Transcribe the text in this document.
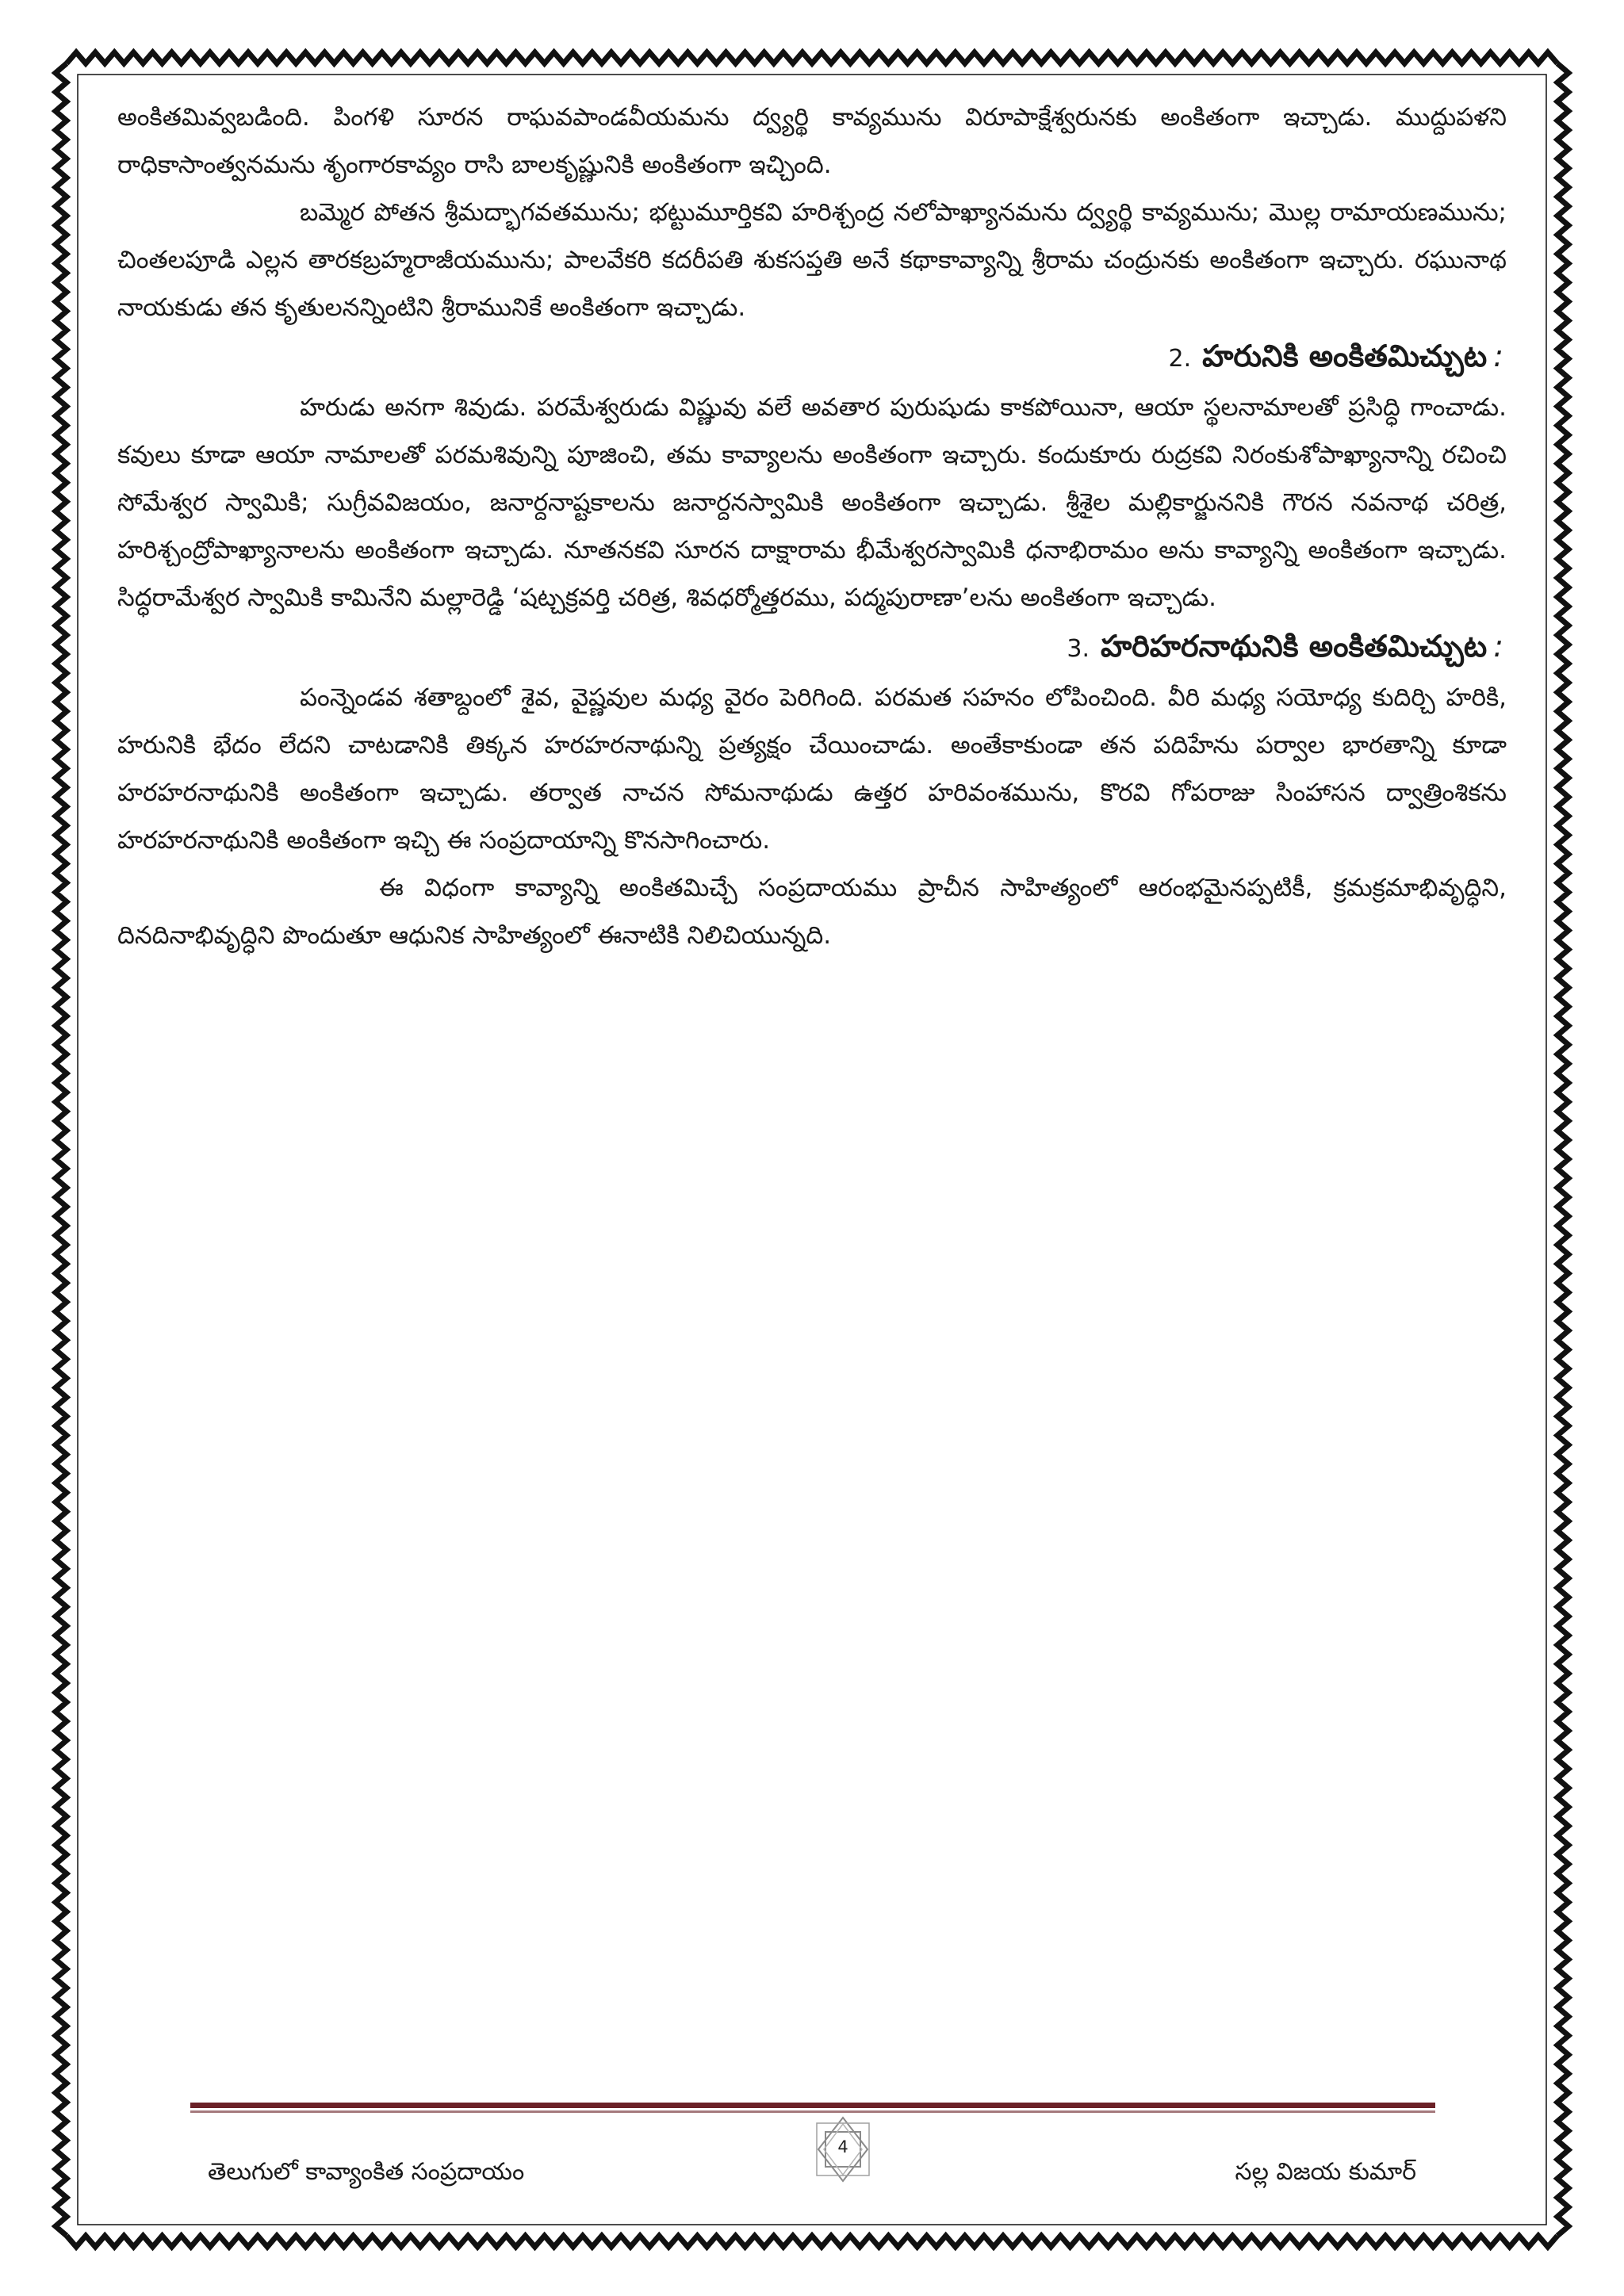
అంకితమివ్వబడింది. పింగళి సూరన రాఘవపాండవీయమను ద్వ్యర్థి కావ్యమును విరూపాక్షేశ్వరునకు అంకితంగా ఇచ్చాడు. ముద్దుపళని రాధికాసాంత్వనమను శృంగారకావ్యం రాసి బాలకృష్ణునికి అంకితంగా ఇచ్చింది.

బమ్మెర పోతన శ్రీమద్భాగవతమును; భట్టుమూర్తికవి హరిశ్చంద్ర నలోపాఖ్యానమను ద్వ్యర్థి కావ్యమును; మొల్ల రామాయణమును; చింతలపూడి ఎల్లన తారకబ్రహ్మరాజీయమును; పాలవేకరి కదరీపతి శుకసప్తతి అనే కథాకావ్యాన్ని శ్రీరామ చంద్రునకు అంకితంగా ఇచ్చారు. రఘునాథ నాయకుడు తన కృతులనన్నింటిని శ్రీరామునికే అంకితంగా ఇచ్చాడు.

2. హరునికి అంకితమిచ్చుట :

హరుడు అనగా శివుడు. పరమేశ్వరుడు విష్ణువు వలే అవతార పురుషుడు కాకపోయినా, ఆయా స్థలనామాలతో ప్రసిద్ధి గాంచాడు. కవులు కూడా ఆయా నామాలతో పరమశివున్ని పూజించి, తమ కావ్యాలను అంకితంగా ఇచ్చారు. కందుకూరు రుద్రకవి నిరంకుశోపాఖ్యానాన్ని రచించి సోమేశ్వర స్వామికి; సుగ్రీవవిజయం, జనార్దనాష్టకాలను జనార్దనస్వామికి అంకితంగా ఇచ్చాడు. శ్రీశైల మల్లికార్జుననికి గౌరన నవనాథ చరిత్ర, హరిశ్చంద్రోపాఖ్యానాలను అంకితంగా ఇచ్చాడు. నూతనకవి సూరన దాక్షారామ భీమేశ్వరస్వామికి ధనాభిరామం అను కావ్యాన్ని అంకితంగా ఇచ్చాడు. సిద్ధరామేశ్వర స్వామికి కామినేని మల్లారెడ్డి ‘షట్చక్రవర్తి చరిత్ర, శివధర్మోత్తరము, పద్మపురాణా’లను అంకితంగా ఇచ్చాడు.

3. హరిహరనాథునికి అంకితమిచ్చుట :

పంన్నెండవ శతాబ్దంలో శైవ, వైష్ణవుల మధ్య వైరం పెరిగింది. పరమత సహనం లోపించింది. వీరి మధ్య సయోధ్య కుదిర్చి హరికి, హరునికి భేదం లేదని చాటడానికి తిక్కన హరహరనాథున్ని ప్రత్యక్షం చేయించాడు. అంతేకాకుండా తన పదిహేను పర్వాల భారతాన్ని కూడా హరహరనాథునికి అంకితంగా ఇచ్చాడు. తర్వాత నాచన సోమనాథుడు ఉత్తర హరివంశమును, కొరవి గోపరాజు సింహాసన ద్వాత్రింశికను హరహరనాథునికి అంకితంగా ఇచ్చి ఈ సంప్రదాయాన్ని కొనసాగించారు.

ఈ విధంగా కావ్యాన్ని అంకితమిచ్చే సంప్రదాయము ప్రాచీన సాహిత్యంలో ఆరంభమైనప్పటికీ, క్రమక్రమాభివృద్ధిని, దినదినాభివృద్ధిని పొందుతూ ఆధునిక సాహిత్యంలో ఈనాటికి నిలిచియున్నది.

తెలుగులో కావ్యాంకిత సంప్రదాయం
4
సల్ల విజయ కుమార్
